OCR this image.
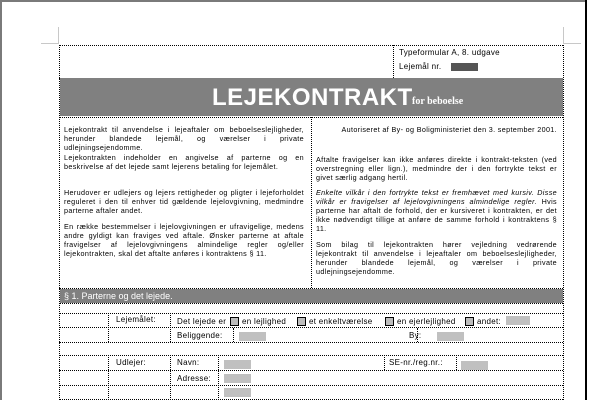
Typeformular A, 8. udgave
Lejemål nr.
LEJEKONTRAKT for beboelse
Lejekontrakt til anvendelse i lejeaftaler om beboelseslejligheder, herunder blandede lejemål, og værelser i private udlejningsejendomme.
Lejekontrakten indeholder en angivelse af parterne og en beskrivelse af det lejede samt lejerens betaling for lejemålet.
Herudover er udlejers og lejers rettigheder og pligter i lejeforholdet reguleret i den til enhver tid gældende lejelovgivning, medmindre parterne aftaler andet.
En række bestemmelser i lejelovgivningen er ufravigelige, medens andre gyldigt kan fraviges ved aftale. Ønsker parterne at aftale fravigelser af lejelovgivningens almindelige regler og/eller lejekontrakten, skal det aftalte anføres i kontraktens § 11.
Autoriseret af By- og Boligministeriet den 3. september 2001.
Aftalte fravigelser kan ikke anføres direkte i kontrakt-teksten (ved overstregning eller lign.), medmindre der i den fortrykte tekst er givet særlig adgang hertil.
Enkelte vilkår i den fortrykte tekst er fremhævet med kursiv. Disse vilkår er fravigelser af lejelovgivningens almindelige regler. Hvis parterne har aftalt de forhold, der er kursiveret i kontrakten, er det ikke nødvendigt tillige at anføre de samme forhold i kontraktens § 11.
Som bilag til lejekontrakten hører vejledning vedrørende lejekontrakt til anvendelse i lejeaftaler om beboelseslejligheder, herunder blandede lejemål, og værelser i private udlejningsejendomme.
§ 1. Parterne og det lejede.
Lejemålet:	Det lejede er en lejlighed	et enkeltværelse	en ejerlejlighed	andet:
Beliggende:	By:
Udlejer:	Navn:	SE-nr./reg.nr.:
Adresse:
